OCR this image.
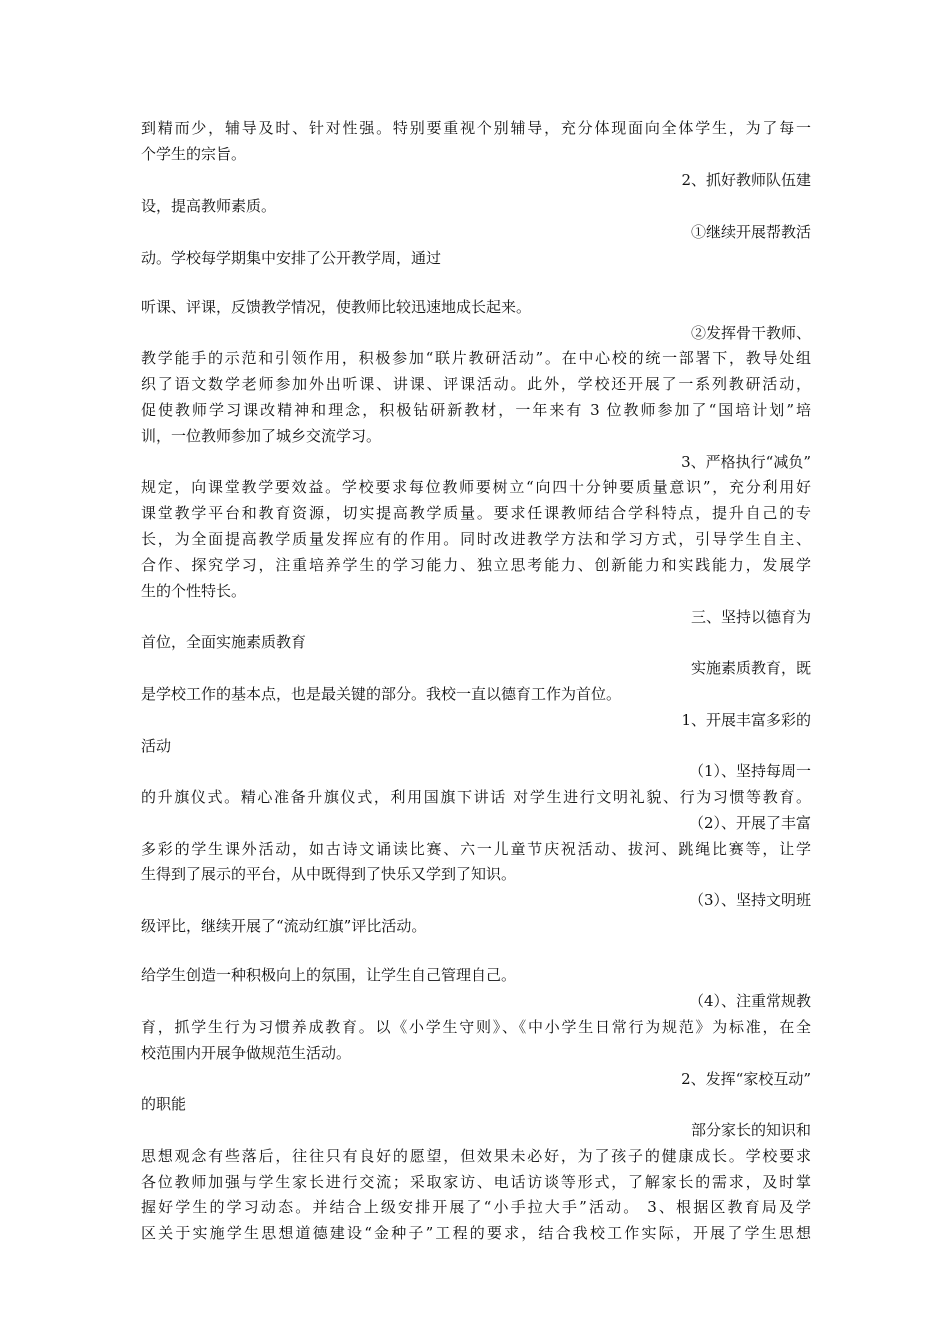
到精而少，辅导及时、针对性强。特别要重视个别辅导，充分体现面向全体学生，为了每一
个学生的宗旨。
2、抓好教师队伍建
设，提高教师素质。
①继续开展帮教活
动。学校每学期集中安排了公开教学周，通过
听课、评课，反馈教学情况，使教师比较迅速地成长起来。
②发挥骨干教师、
教学能手的示范和引领作用，积极参加“联片教研活动”。在中心校的统一部署下，教导处组
织了语文数学老师参加外出听课、讲课、评课活动。此外，学校还开展了一系列教研活动，
促使教师学习课改精神和理念，积极钻研新教材，一年来有 3 位教师参加了“国培计划”培
训，一位教师参加了城乡交流学习。
3、严格执行“减负”
规定，向课堂教学要效益。学校要求每位教师要树立“向四十分钟要质量意识”，充分利用好
课堂教学平台和教育资源，切实提高教学质量。要求任课教师结合学科特点，提升自己的专
长，为全面提高教学质量发挥应有的作用。同时改进教学方法和学习方式，引导学生自主、
合作、探究学习，注重培养学生的学习能力、独立思考能力、创新能力和实践能力，发展学
生的个性特长。
三、坚持以德育为
首位，全面实施素质教育
实施素质教育，既
是学校工作的基本点，也是最关键的部分。我校一直以德育工作为首位。
1、开展丰富多彩的
活动
（1）、坚持每周一
的升旗仪式。精心准备升旗仪式，利用国旗下讲话 对学生进行文明礼貌、行为习惯等教育。
（2）、开展了丰富
多彩的学生课外活动，如古诗文诵读比赛、六一儿童节庆祝活动、拔河、跳绳比赛等，让学
生得到了展示的平台，从中既得到了快乐又学到了知识。
（3）、坚持文明班
级评比，继续开展了“流动红旗”评比活动。
给学生创造一种积极向上的氛围，让学生自己管理自己。
（4）、注重常规教
育，抓学生行为习惯养成教育。以《小学生守则》、《中小学生日常行为规范》为标准，在全
校范围内开展争做规范生活动。
2、发挥“家校互动”
的职能
部分家长的知识和
思想观念有些落后，往往只有良好的愿望，但效果未必好，为了孩子的健康成长。学校要求
各位教师加强与学生家长进行交流；采取家访、电话访谈等形式，了解家长的需求，及时掌
握好学生的学习动态。并结合上级安排开展了“小手拉大手”活动。 3、根据区教育局及学
区关于实施学生思想道德建设“金种子”工程的要求，结合我校工作实际，开展了学生思想
